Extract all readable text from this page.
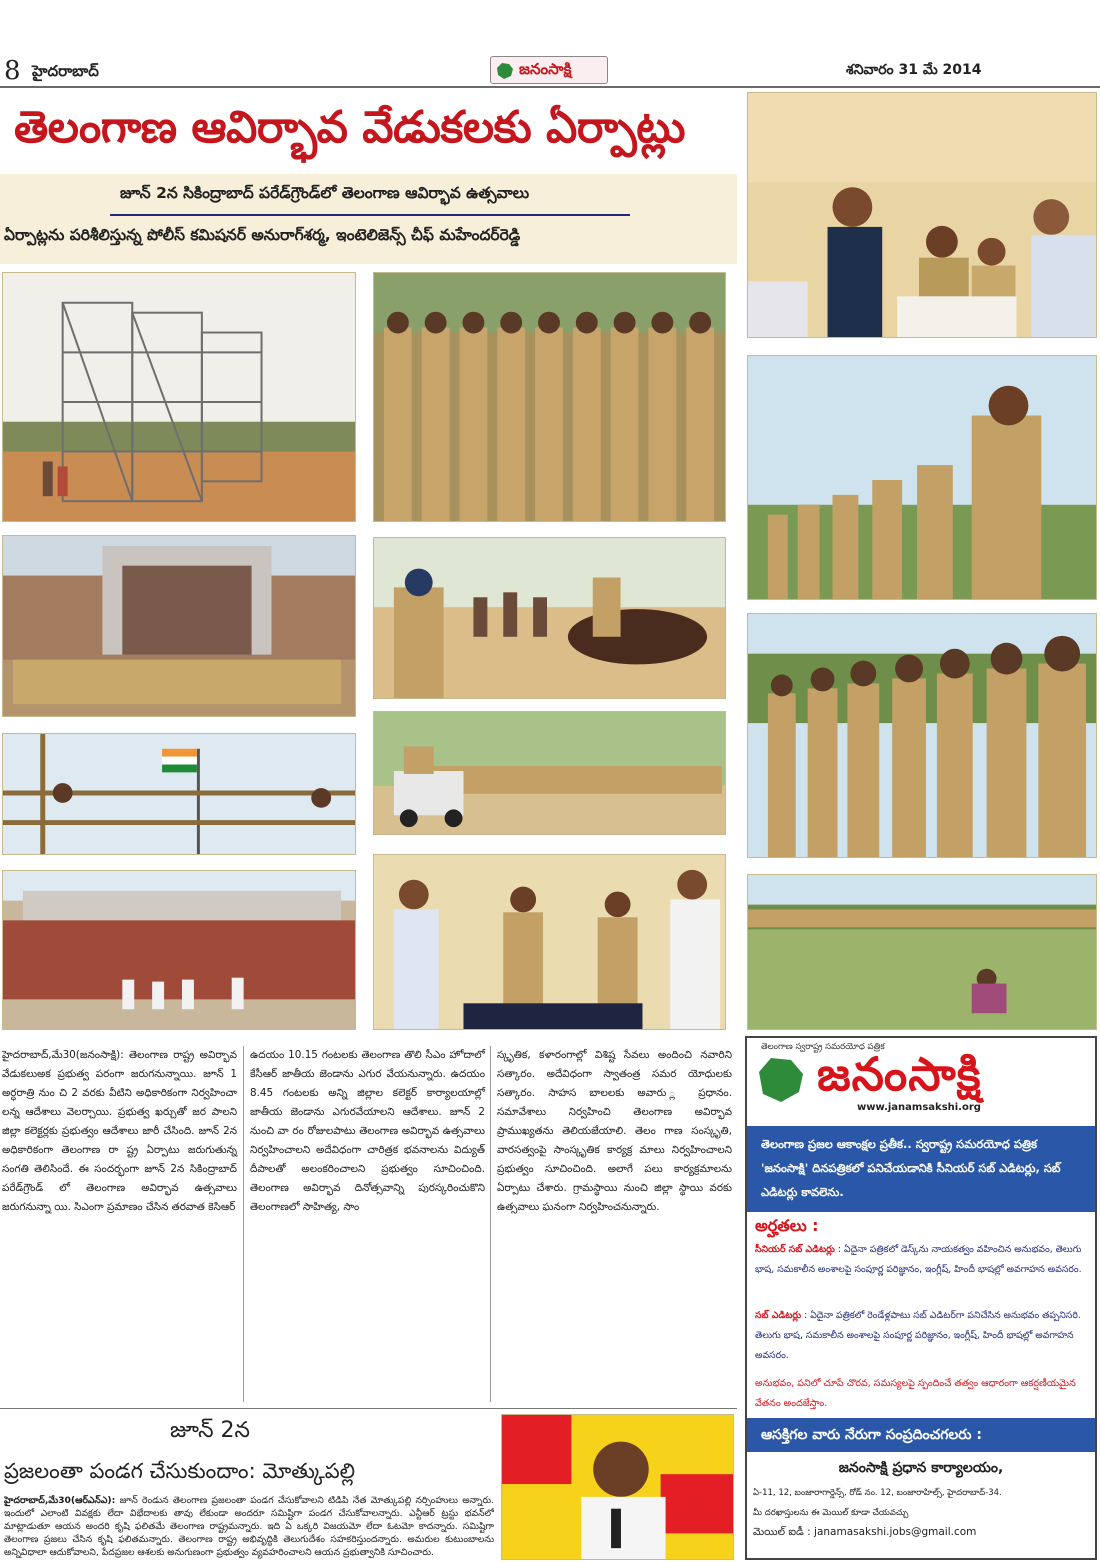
8 హైదరాబాద్	జనంసాక్షి	శనివారం 31 మే 2014
తెలంగాణ ఆవిర్భావ వేడుకలకు ఏర్పాట్లు
జూన్ 2న సికింద్రాబాద్ పరేడ్‌గ్రౌండ్‌లో తెలంగాణ ఆవిర్భావ ఉత్సవాలు
ఏర్పాట్లను పరిశీలిస్తున్న పోలీస్ కమిషనర్ అనురాగ్‌శర్మ, ఇంటెలిజెన్స్ చీఫ్ మహేందర్‌రెడ్డి

హైదరాబాద్,మే30(జనంసాక్షి): తెలంగాణ రాష్ట్ర అవిర్భావ వేడుకలుఅక ప్రభుత్వ పరంగా జరుగనున్నాయి. జూన్ 1 అర్ధరాత్రి నుం చి 2 వరకు వీటిని అధికారికంగా నిర్వహించా లన్న ఆదేశాలు వెలర్చాయి. ప్రభుత్వ ఖర్చుతో జర పాలని జిల్లా కలెక్టర్లకు ప్రభుత్వం ఆదేశాలు జారీ చేసింది. జూన్ 2న అధికారికంగా తెలంగాణ రా ష్ట్ర ఏర్పాటు జరుగుతున్న సంగతి తెలిసిందే. ఈ సందర్భంగా జూన్ 2న సికింద్రాబాద్ పరేడ్‌గ్రౌండ్ లో తెలంగాణ అవిర్భావ ఉత్సవాలు జరుగనున్నా యి. సిఎంగా ప్రమాణం చేసిన తరవాత కెసిఆర్

ఉదయం 10.15 గంటలకు తెలంగాణ తొలి సీఎం హోదాలో కేసీఆర్ జాతీయ జెండాను ఎగుర వేయనున్నారు. ఉదయం 8.45 గంటలకు అన్ని జిల్లాల కలెక్టర్ కార్యాలయాల్లో జాతీయ జెండాను ఎగురవేయాలని ఆదేశాలు. జూన్ 2 నుంచి వా రం రోజులపాటు తెలంగాణ అవిర్భావ ఉత్సవాలు నిర్వహించాలని అదేవిధంగా చారిత్రక భవనాలను విద్యుత్ దీపాలతో అలంకరించాలని ప్రభుత్వం సూచించింది. తెలంగాణ అవిర్భావ దినోత్సవాన్ని పురస్కరించుకొని తెలంగాణలో సాహిత్య, సాం

స్కృతిక, కళారంగాల్లో విశిష్ట సేవలు అందించి నవారిని సత్కారం. అదేవిధంగా స్వాతంత్ర సమర యోధులకు సత్కారం. సాహస బాలలకు అవారు ్ల ప్రధానం. సమావేశాలు నిర్వహించి తెలంగాణ అవిర్భావ ప్రాముఖ్యతను తెలియజేయాలి. తెలం గాణ సంస్కృతి, వారసత్వంపై సాంస్కృతిక కార్యక్ర మాలు నిర్వహించాలని ప్రభుత్వం సూచించింది. అలాగే పలు కార్యక్రమాలను ఏర్పాటు చేశారు. గ్రామస్థాయి నుంచి జిల్లా స్థాయి వరకు ఉత్సవాలు ఘనంగా నిర్వహించనున్నారు.

జూన్ 2న
ప్రజలంతా పండగ చేసుకుందాం: మోత్కుపల్లి

హైదరాబాద్,మే30(ఆర్ఎన్ఎ): జూన్ రెండున తెలంగాణ ప్రజలంతా పండగ చేసుకోవాలని టిడిపి నేత మోత్కుపల్లి నర్సింహులు అన్నారు. ఇందులో ఎలాంటి వివక్షకు లేదా విభేదాలకు తావు లేకుండా అందరూ సమిష్టిగా పండగ చేసుకోవాలన్నారు. ఎన్టీఆర్ ట్రస్టు భవన్‌లో మాట్లాడుతూ ఆయన అందరి కృషి ఫలితమే తెలంగాణ రాష్ట్రమన్నారు. ఇది ఏ ఒక్కరి విజయమో లేదా ఓటమో కాదన్నారు. సమిష్టిగా తెలంగాణ ప్రజలు చేసిన కృషి ఫలితమన్నారు. తెలంగాణ రాష్ట్ర అభివృద్ధికి తెలుగుదేశం సహకరిస్తుందన్నారు. అమరుల కుటుంబాలను అన్నివిధాలా ఆదుకోవాలని, పేదప్రజల ఆశలకు అనుగుణంగా ప్రభుత్వం వ్యవహరించాలని ఆయన ప్రభుత్వానికి సూచించారు.

తెలంగాణ స్వరాష్ట్ర సమరయోధ పత్రిక
జనంసాక్షి
www.janamsakshi.org
తెలంగాణ ప్రజల ఆకాంక్షల ప్రతీక.. స్వరాష్ట్ర సమరయోధ పత్రిక 'జనంసాక్షి' దినపత్రికలో పనిచేయడానికి సీనియర్ సబ్ ఎడిటర్లు, సబ్ ఎడిటర్లు కావలెను.
అర్హతలు :
సీనియర్ సబ్ ఎడిటర్లు : ఏదైనా పత్రికలో డెస్క్‌ను నాయకత్వం వహించిన అనుభవం, తెలుగు భాష, సమకాలీన అంశాలపై సంపూర్ణ పరిజ్ఞానం, ఇంగ్లీష్, హిందీ భాషల్లో అవగాహన అవసరం.
సబ్ ఎడిటర్లు : ఏదైనా పత్రికలో రెండేళ్లపాటు సబ్ ఎడిటర్‌గా పనిచేసిన అనుభవం తప్పనిసరి. తెలుగు భాష, సమకాలీన అంశాలపై సంపూర్ణ పరిజ్ఞానం, ఇంగ్లీష్, హిందీ భాషల్లో అవగాహన అవసరం.
అనుభవం, పనిలో చూపే చొరవ, సమస్యలపై స్పందించే తత్వం ఆధారంగా ఆకర్షణీయమైన వేతనం అందజేస్తాం.
ఆసక్తిగల వారు నేరుగా సంప్రదించగలరు :
జనంసాక్షి ప్రధాన కార్యాలయం,
ఏ-11, 12, బంజారాగార్డెన్స్, రోడ్ నం. 12, బంజారాహిల్స్, హైదరాబాద్-34.
మీ దరఖాస్తులను ఈ మెయిల్ కూడా చేయవచ్చు
మెయిల్ ఐడీ : janamasakshi.jobs@gmail.com
